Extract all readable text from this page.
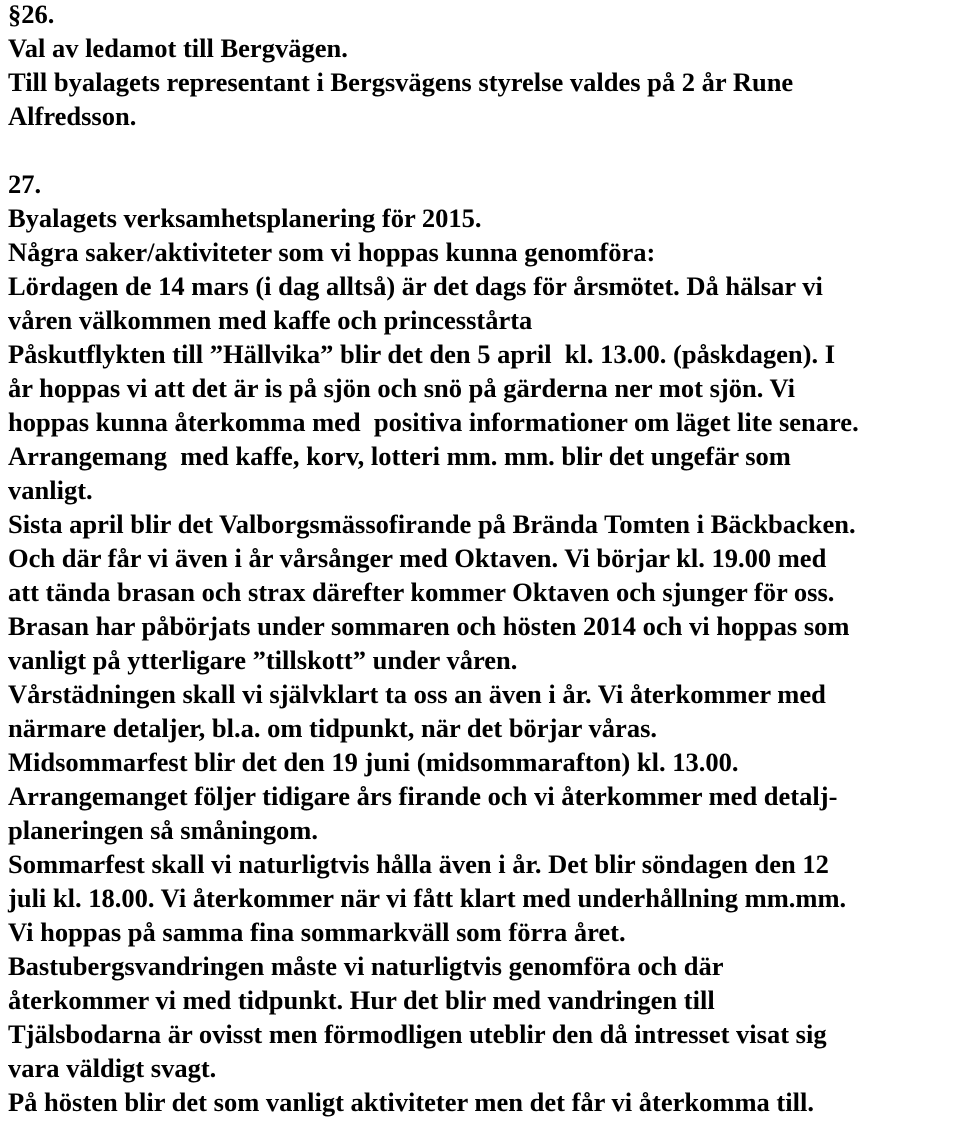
§26.
Val av ledamot till Bergvägen.
Till byalagets representant i Bergsvägens styrelse valdes på 2 år Rune
Alfredsson.
27.
Byalagets verksamhetsplanering för 2015.
Några saker/aktiviteter som vi hoppas kunna genomföra:
Lördagen de 14 mars (i dag alltså) är det dags för årsmötet. Då hälsar vi
våren välkommen med kaffe och princesstårta
Påskutflykten till ”Hällvika” blir det den 5 april  kl. 13.00. (påskdagen). I
år hoppas vi att det är is på sjön och snö på gärderna ner mot sjön. Vi
hoppas kunna återkomma med  positiva informationer om läget lite senare.
Arrangemang  med kaffe, korv, lotteri mm. mm. blir det ungefär som
vanligt.
Sista april blir det Valborgsmässofirande på Brända Tomten i Bäckbacken.
Och där får vi även i år vårsånger med Oktaven. Vi börjar kl. 19.00 med
att tända brasan och strax därefter kommer Oktaven och sjunger för oss.
Brasan har påbörjats under sommaren och hösten 2014 och vi hoppas som
vanligt på ytterligare ”tillskott” under våren.
Vårstädningen skall vi självklart ta oss an även i år. Vi återkommer med
närmare detaljer, bl.a. om tidpunkt, när det börjar våras.
Midsommarfest blir det den 19 juni (midsommarafton) kl. 13.00.
Arrangemanget följer tidigare års firande och vi återkommer med detalj-
planeringen så småningom.
Sommarfest skall vi naturligtvis hålla även i år. Det blir söndagen den 12
juli kl. 18.00. Vi återkommer när vi fått klart med underhållning mm.mm.
Vi hoppas på samma fina sommarkväll som förra året.
Bastubergsvandringen måste vi naturligtvis genomföra och där
återkommer vi med tidpunkt. Hur det blir med vandringen till
Tjälsbodarna är ovisst men förmodligen uteblir den då intresset visat sig
vara väldigt svagt.
På hösten blir det som vanligt aktiviteter men det får vi återkomma till.
